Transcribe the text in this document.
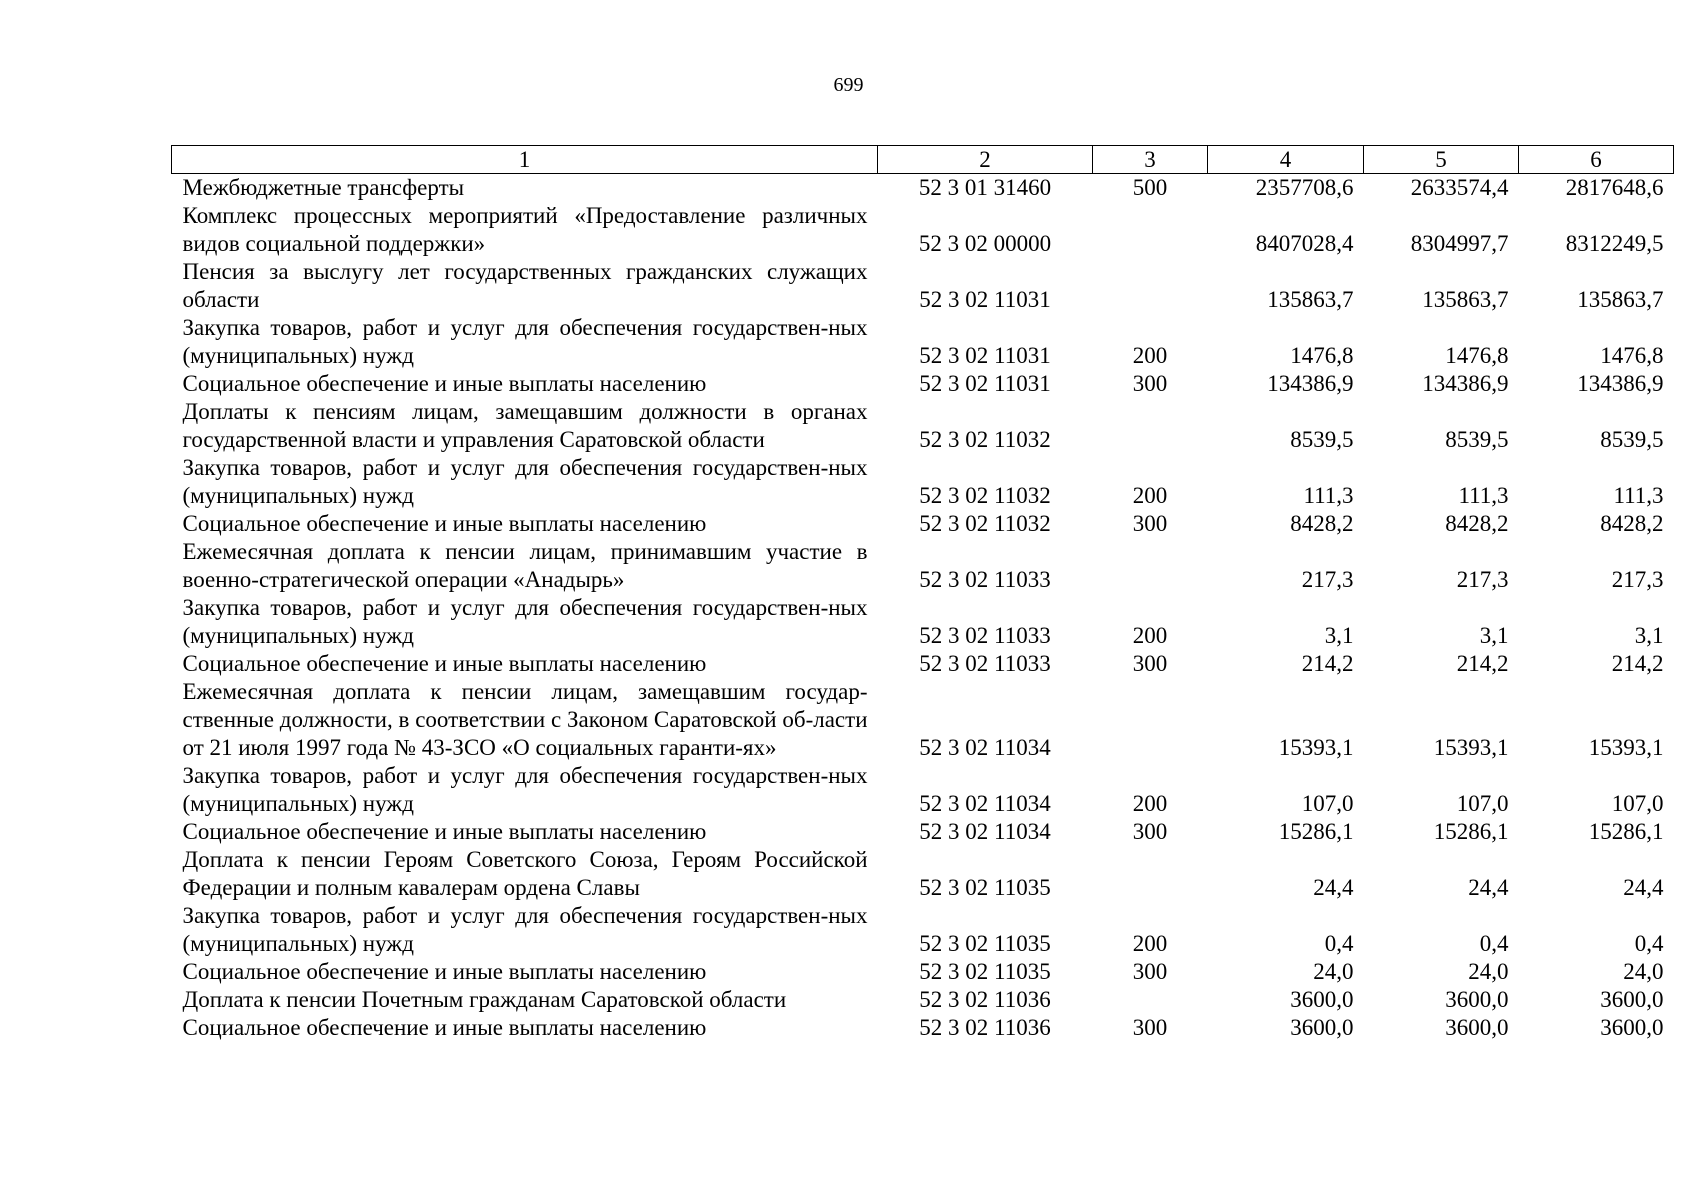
699
1	2	3	4	5	6
Межбюджетные трансферты	52 3 01 31460	500	2357708,6	2633574,4	2817648,6
Комплекс процессных мероприятий «Предоставление различных видов социальной поддержки»	52 3 02 00000		8407028,4	8304997,7	8312249,5
Пенсия за выслугу лет государственных гражданских служащих области	52 3 02 11031		135863,7	135863,7	135863,7
Закупка товаров, работ и услуг для обеспечения государствен-ных (муниципальных) нужд	52 3 02 11031	200	1476,8	1476,8	1476,8
Социальное обеспечение и иные выплаты населению	52 3 02 11031	300	134386,9	134386,9	134386,9
Доплаты к пенсиям лицам, замещавшим должности в органах государственной власти и управления Саратовской области	52 3 02 11032		8539,5	8539,5	8539,5
Закупка товаров, работ и услуг для обеспечения государствен-ных (муниципальных) нужд	52 3 02 11032	200	111,3	111,3	111,3
Социальное обеспечение и иные выплаты населению	52 3 02 11032	300	8428,2	8428,2	8428,2
Ежемесячная доплата к пенсии лицам, принимавшим участие в военно-стратегической операции «Анадырь»	52 3 02 11033		217,3	217,3	217,3
Закупка товаров, работ и услуг для обеспечения государствен-ных (муниципальных) нужд	52 3 02 11033	200	3,1	3,1	3,1
Социальное обеспечение и иные выплаты населению	52 3 02 11033	300	214,2	214,2	214,2
Ежемесячная доплата к пенсии лицам, замещавшим государ-ственные должности, в соответствии с Законом Саратовской об-ласти от 21 июля 1997 года № 43-ЗСО «О социальных гаранти-ях»	52 3 02 11034		15393,1	15393,1	15393,1
Закупка товаров, работ и услуг для обеспечения государствен-ных (муниципальных) нужд	52 3 02 11034	200	107,0	107,0	107,0
Социальное обеспечение и иные выплаты населению	52 3 02 11034	300	15286,1	15286,1	15286,1
Доплата к пенсии Героям Советского Союза, Героям Российской Федерации и полным кавалерам ордена Славы	52 3 02 11035		24,4	24,4	24,4
Закупка товаров, работ и услуг для обеспечения государствен-ных (муниципальных) нужд	52 3 02 11035	200	0,4	0,4	0,4
Социальное обеспечение и иные выплаты населению	52 3 02 11035	300	24,0	24,0	24,0
Доплата к пенсии Почетным гражданам Саратовской области	52 3 02 11036		3600,0	3600,0	3600,0
Социальное обеспечение и иные выплаты населению	52 3 02 11036	300	3600,0	3600,0	3600,0
